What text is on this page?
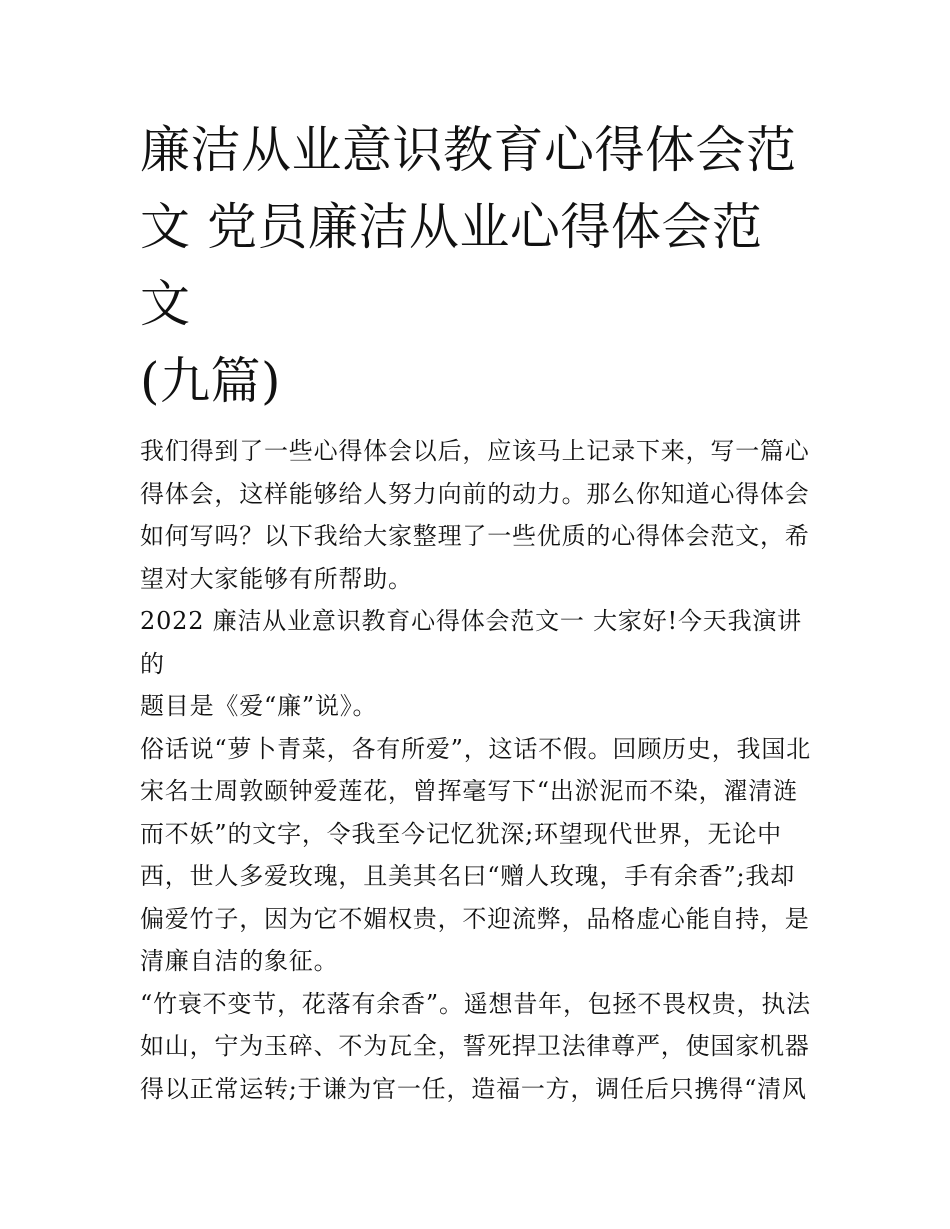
廉洁从业意识教育心得体会范
文 党员廉洁从业心得体会范文
(九篇)

我们得到了一些心得体会以后，应该马上记录下来，写一篇心
得体会，这样能够给人努力向前的动力。那么你知道心得体会
如何写吗？以下我给大家整理了一些优质的心得体会范文，希
望对大家能够有所帮助。

2022 廉洁从业意识教育心得体会范文一 大家好!今天我演讲的
题目是《爱“廉”说》。

俗话说“萝卜青菜，各有所爱”，这话不假。回顾历史，我国北
宋名士周敦颐钟爱莲花，曾挥毫写下“出淤泥而不染，濯清涟
而不妖”的文字，令我至今记忆犹深;环望现代世界，无论中
西，世人多爱玫瑰，且美其名曰“赠人玫瑰，手有余香”;我却
偏爱竹子，因为它不媚权贵，不迎流弊，品格虚心能自持，是
清廉自洁的象征。

“竹衰不变节，花落有余香”。遥想昔年，包拯不畏权贵，执法
如山，宁为玉碎、不为瓦全，誓死捍卫法律尊严，使国家机器
得以正常运转;于谦为官一任，造福一方，调任后只携得“清风
